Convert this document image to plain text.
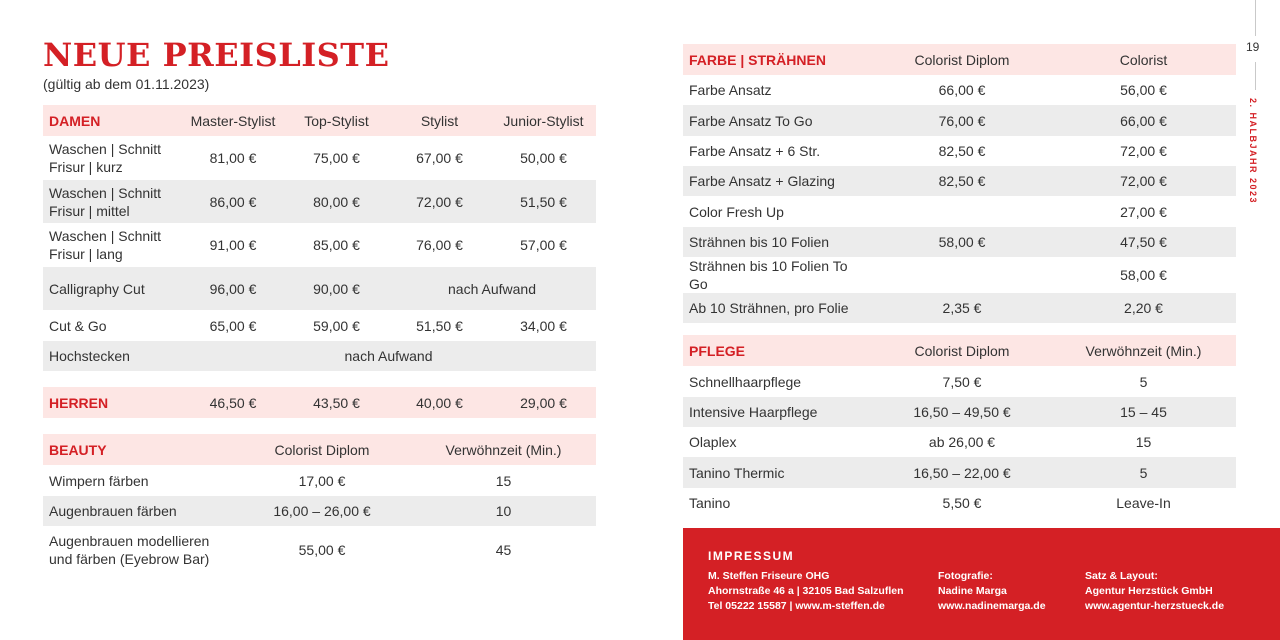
NEUE PREISLISTE
(gültig ab dem 01.11.2023)
DAMEN	Master-Stylist	Top-Stylist	Stylist	Junior-Stylist
Waschen | Schnitt Frisur | kurz	81,00 €	75,00 €	67,00 €	50,00 €
Waschen | Schnitt Frisur | mittel	86,00 €	80,00 €	72,00 €	51,50 €
Waschen | Schnitt Frisur | lang	91,00 €	85,00 €	76,00 €	57,00 €
Calligraphy Cut	96,00 €	90,00 €	nach Aufwand	
Cut & Go	65,00 €	59,00 €	51,50 €	34,00 €
Hochstecken	nach Aufwand			

HERREN	46,50 €	43,50 €	40,00 €	29,00 €
BEAUTY	Colorist Diplom	Verwöhnzeit (Min.)
Wimpern färben	17,00 €	15
Augenbrauen färben	16,00 – 26,00 €	10
Augenbrauen modellieren und färben (Eyebrow Bar)	55,00 €	45
FARBE | STRÄHNEN	Colorist Diplom	Colorist
Farbe Ansatz	66,00 €	56,00 €
Farbe Ansatz To Go	76,00 €	66,00 €
Farbe Ansatz + 6 Str.	82,50 €	72,00 €
Farbe Ansatz + Glazing	82,50 €	72,00 €
Color Fresh Up		27,00 €
Strähnen bis 10 Folien	58,00 €	47,50 €
Strähnen bis 10 Folien To Go		58,00 €
Ab 10 Strähnen, pro Folie	2,35 €	2,20 €
PFLEGE	Colorist Diplom	Verwöhnzeit (Min.)
Schnellhaarpflege	7,50 €	5
Intensive Haarpflege	16,50 – 49,50 €	15 – 45
Olaplex	ab 26,00 €	15
Tanino Thermic	16,50 – 22,00 €	5
Tanino	5,50 €	Leave-In
19
2. HALBJAHR 2023
IMPRESSUM
M. Steffen Friseure OHG
Ahornstraße 46 a | 32105 Bad Salzuflen
Tel 05222 15587 | www.m-steffen.de
Fotografie:
Nadine Marga
www.nadinemarga.de
Satz & Layout:
Agentur Herzstück GmbH
www.agentur-herzstueck.de
